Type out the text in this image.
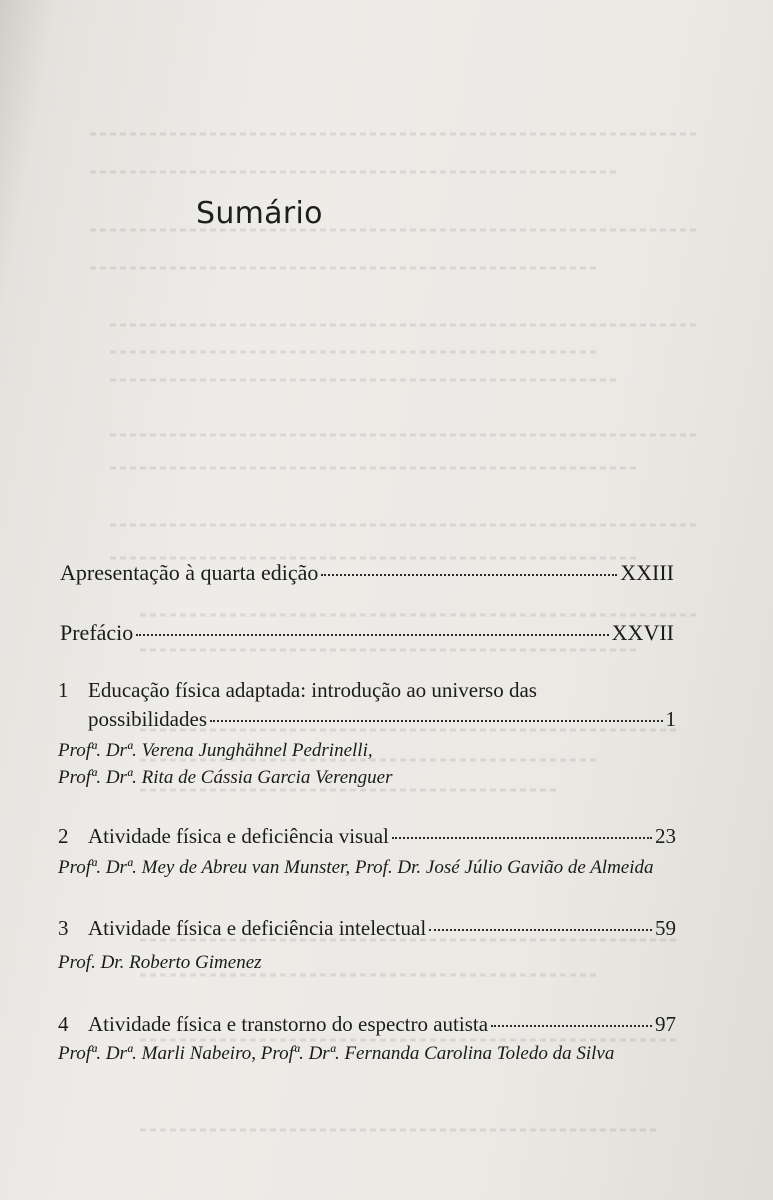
Sumário
Apresentação à quarta edição	XXIII
Prefácio	XXVII
1 Educação física adaptada: introdução ao universo das
possibilidades	1
Profª. Drª. Verena Junghähnel Pedrinelli,
Profª. Drª. Rita de Cássia Garcia Verenguer
2 Atividade física e deficiência visual	23
Profª. Drª. Mey de Abreu van Munster, Prof. Dr. José Júlio Gavião de Almeida
3 Atividade física e deficiência intelectual	59
Prof. Dr. Roberto Gimenez
4 Atividade física e transtorno do espectro autista	97
Profª. Drª. Marli Nabeiro, Profª. Drª. Fernanda Carolina Toledo da Silva
